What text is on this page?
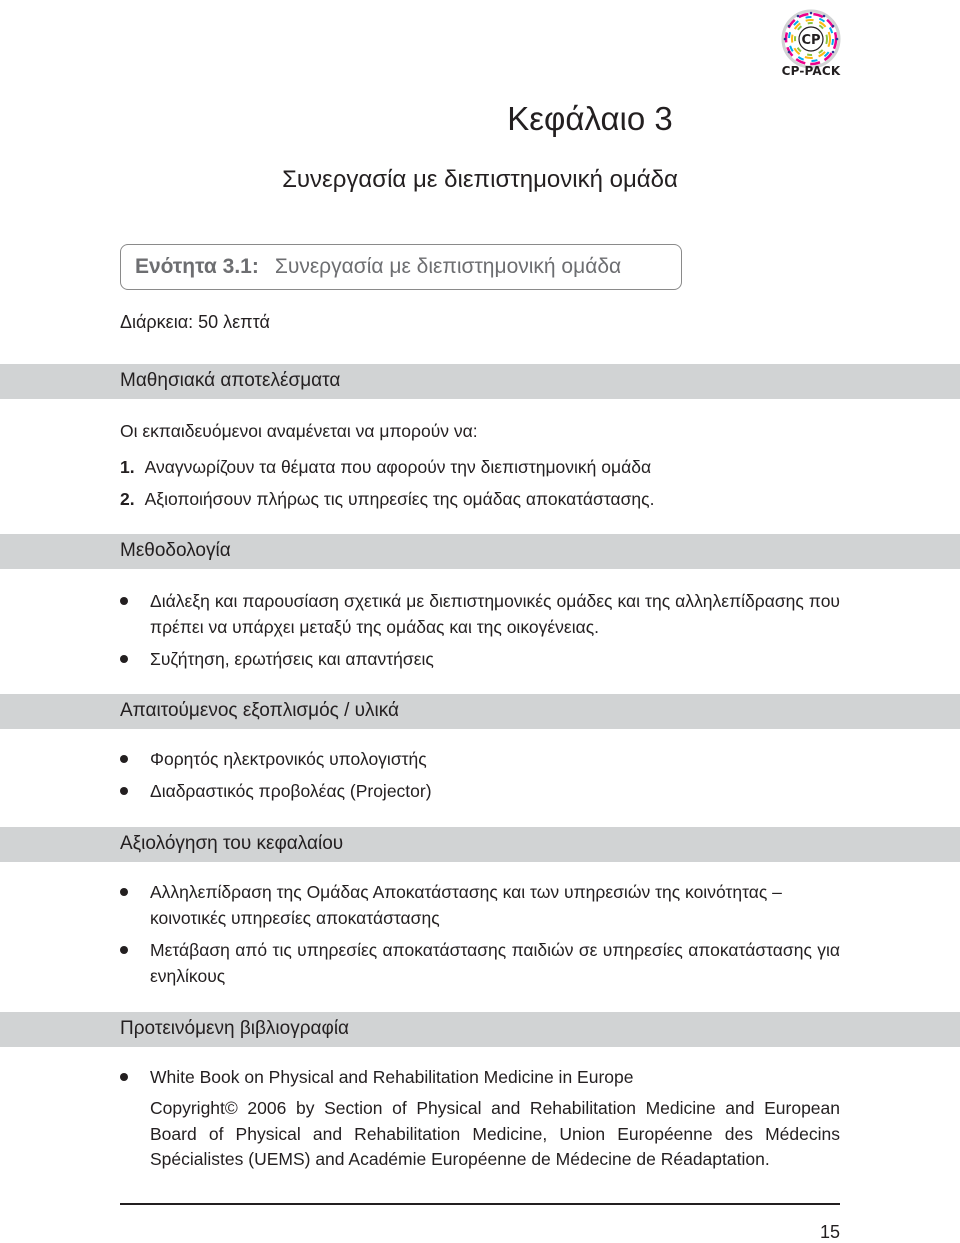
CP
CP-PACK
Κεφάλαιο 3
Συνεργασία με διεπιστημονική ομάδα
Ενότητα 3.1: Συνεργασία με διεπιστημονική ομάδα
Διάρκεια: 50 λεπτά
Μαθησιακά αποτελέσματα
Οι εκπαιδευόμενοι αναμένεται να μπορούν να:
1. Αναγνωρίζουν τα θέματα που αφορούν την διεπιστημονική ομάδα
2. Αξιοποιήσουν πλήρως τις υπηρεσίες της ομάδας αποκατάστασης.
Μεθοδολογία
Διάλεξη και παρουσίαση σχετικά με διεπιστημονικές ομάδες και της αλληλεπίδρασης που πρέπει να υπάρχει μεταξύ της ομάδας και της οικογένειας.
Συζήτηση, ερωτήσεις και απαντήσεις
Απαιτούμενος εξοπλισμός / υλικά
Φορητός ηλεκτρονικός υπολογιστής
Διαδραστικός προβολέας (Projector)
Αξιολόγηση του κεφαλαίου
Αλληλεπίδραση της Ομάδας Αποκατάστασης και των υπηρεσιών της κοινότητας – κοινοτικές υπηρεσίες αποκατάστασης
Μετάβαση από τις υπηρεσίες αποκατάστασης παιδιών σε υπηρεσίες αποκατάστασης για ενηλίκους
Προτεινόμενη βιβλιογραφία
White Book on Physical and Rehabilitation Medicine in Europe
Copyright© 2006 by Section of Physical and Rehabilitation Medicine and European Board of Physical and Rehabilitation Medicine, Union Européenne des Médecins Spécialistes (UEMS) and Académie Européenne de Médecine de Réadaptation.
15
